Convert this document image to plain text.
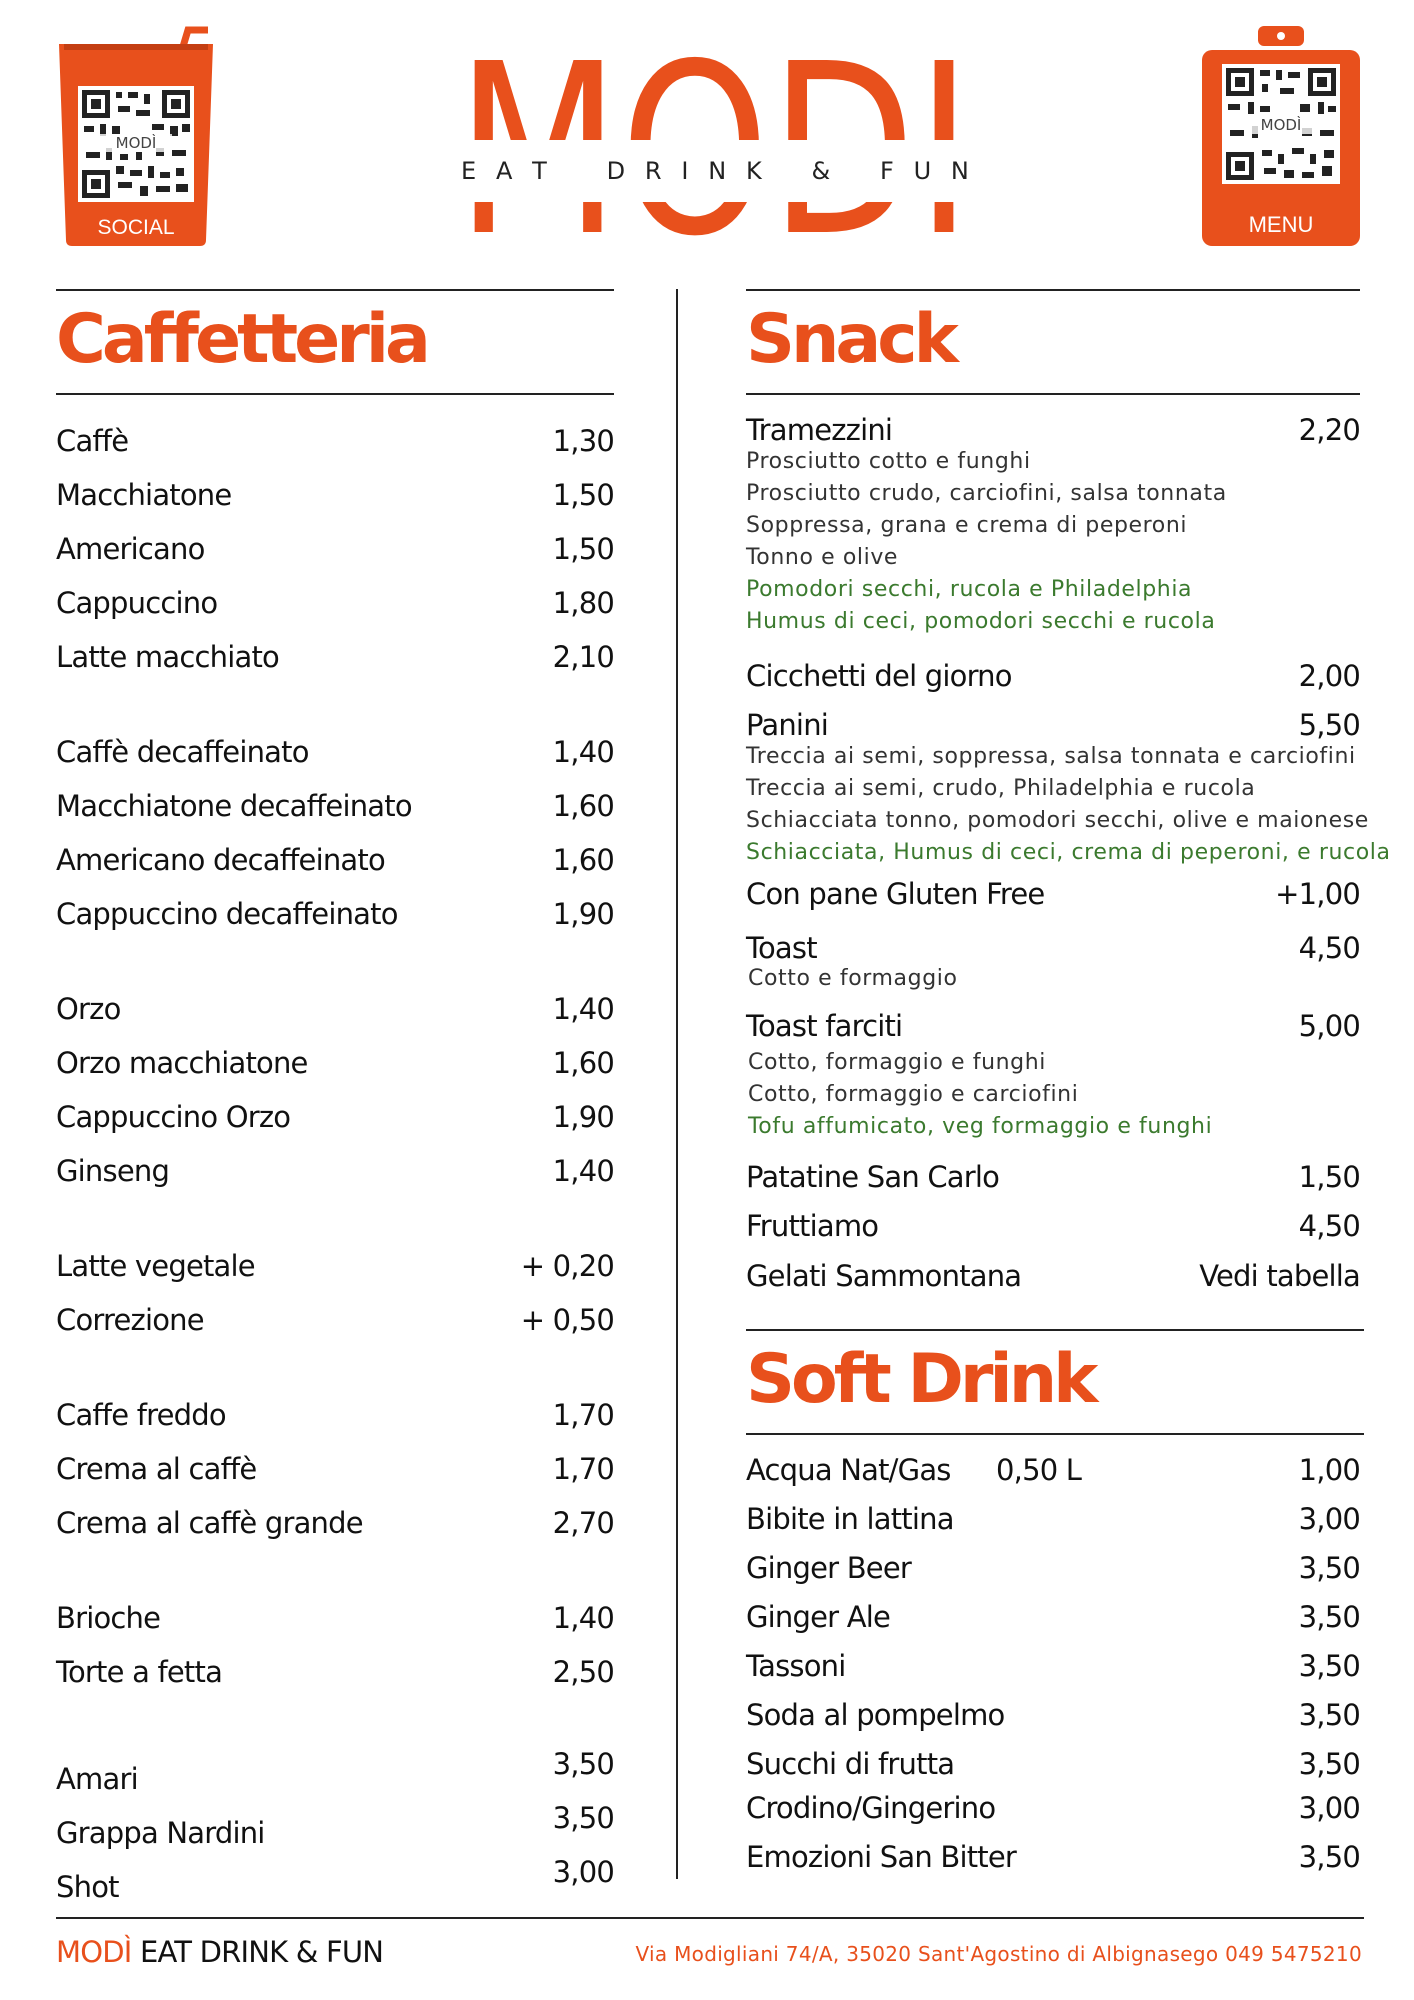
MODÌ
SOCIAL
E A T D R I N K & F U N
MODÌ
MENU
Caffetteria
Caffè	1,30
Macchiatone	1,50
Americano	1,50
Cappuccino	1,80
Latte macchiato	2,10
Caffè decaffeinato	1,40
Macchiatone decaffeinato	1,60
Americano decaffeinato	1,60
Cappuccino decaffeinato	1,90
Orzo	1,40
Orzo macchiatone	1,60
Cappuccino Orzo	1,90
Ginseng	1,40
Latte vegetale	+ 0,20
Correzione	+ 0,50
Caffe freddo	1,70
Crema al caffè	1,70
Crema al caffè grande	2,70
Brioche	1,40
Torte a fetta	2,50
Amari	3,50
Grappa Nardini	3,50
Shot	3,00
Snack
Tramezzini	2,20
Prosciutto cotto e funghi
Prosciutto crudo, carciofini, salsa tonnata
Soppressa, grana e crema di peperoni
Tonno e olive
Pomodori secchi, rucola e Philadelphia
Humus di ceci, pomodori secchi e rucola
Cicchetti del giorno	2,00
Panini	5,50
Treccia ai semi, soppressa, salsa tonnata e carciofini
Treccia ai semi, crudo, Philadelphia e rucola
Schiacciata tonno, pomodori secchi, olive e maionese
Schiacciata, Humus di ceci, crema di peperoni, e rucola
Con pane Gluten Free	+1,00
Toast	4,50
Cotto e formaggio
Toast farciti	5,00
Cotto, formaggio e funghi
Cotto, formaggio e carciofini
Tofu affumicato, veg formaggio e funghi
Patatine San Carlo	1,50
Fruttiamo	4,50
Gelati Sammontana	Vedi tabella
Soft Drink
Acqua Nat/Gas 0,50 L	1,00
Bibite in lattina	3,00
Ginger Beer	3,50
Ginger Ale	3,50
Tassoni	3,50
Soda al pompelmo	3,50
Succhi di frutta	3,50
Crodino/Gingerino	3,00
Emozioni San Bitter	3,50
MODÌ EAT DRINK & FUN	Via Modigliani 74/A, 35020 Sant'Agostino di Albignasego 049 5475210
